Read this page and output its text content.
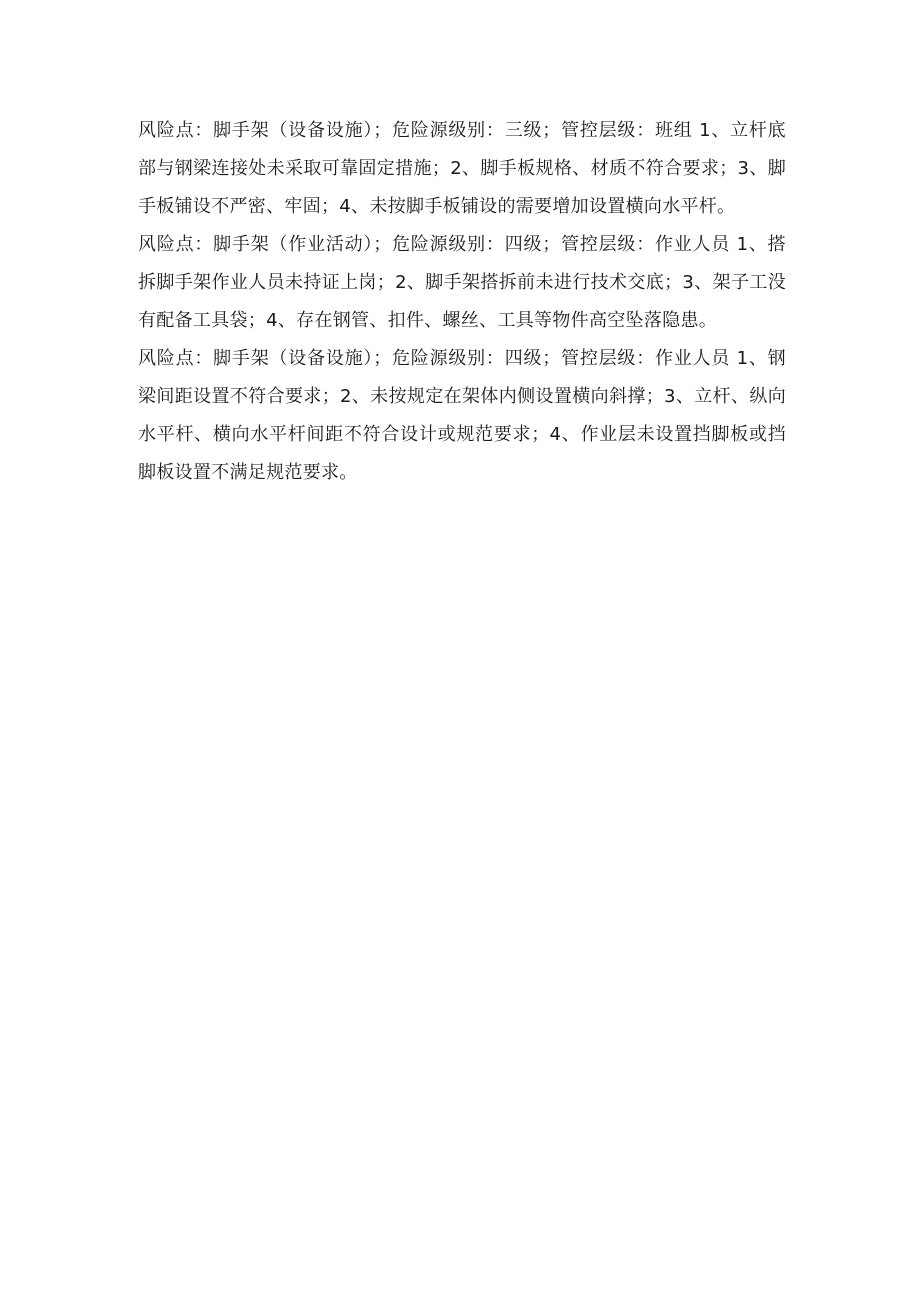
风险点：脚手架（设备设施）；危险源级别：三级；管控层级：班组 1、立杆底部与钢梁连接处未采取可靠固定措施；2、脚手板规格、材质不符合要求；3、脚手板铺设不严密、牢固；4、未按脚手板铺设的需要增加设置横向水平杆。

风险点：脚手架（作业活动）；危险源级别：四级；管控层级：作业人员 1、搭拆脚手架作业人员未持证上岗；2、脚手架搭拆前未进行技术交底；3、架子工没有配备工具袋；4、存在钢管、扣件、螺丝、工具等物件高空坠落隐患。

风险点：脚手架（设备设施）；危险源级别：四级；管控层级：作业人员 1、钢梁间距设置不符合要求；2、未按规定在架体内侧设置横向斜撑；3、立杆、纵向水平杆、横向水平杆间距不符合设计或规范要求；4、作业层未设置挡脚板或挡脚板设置不满足规范要求。
